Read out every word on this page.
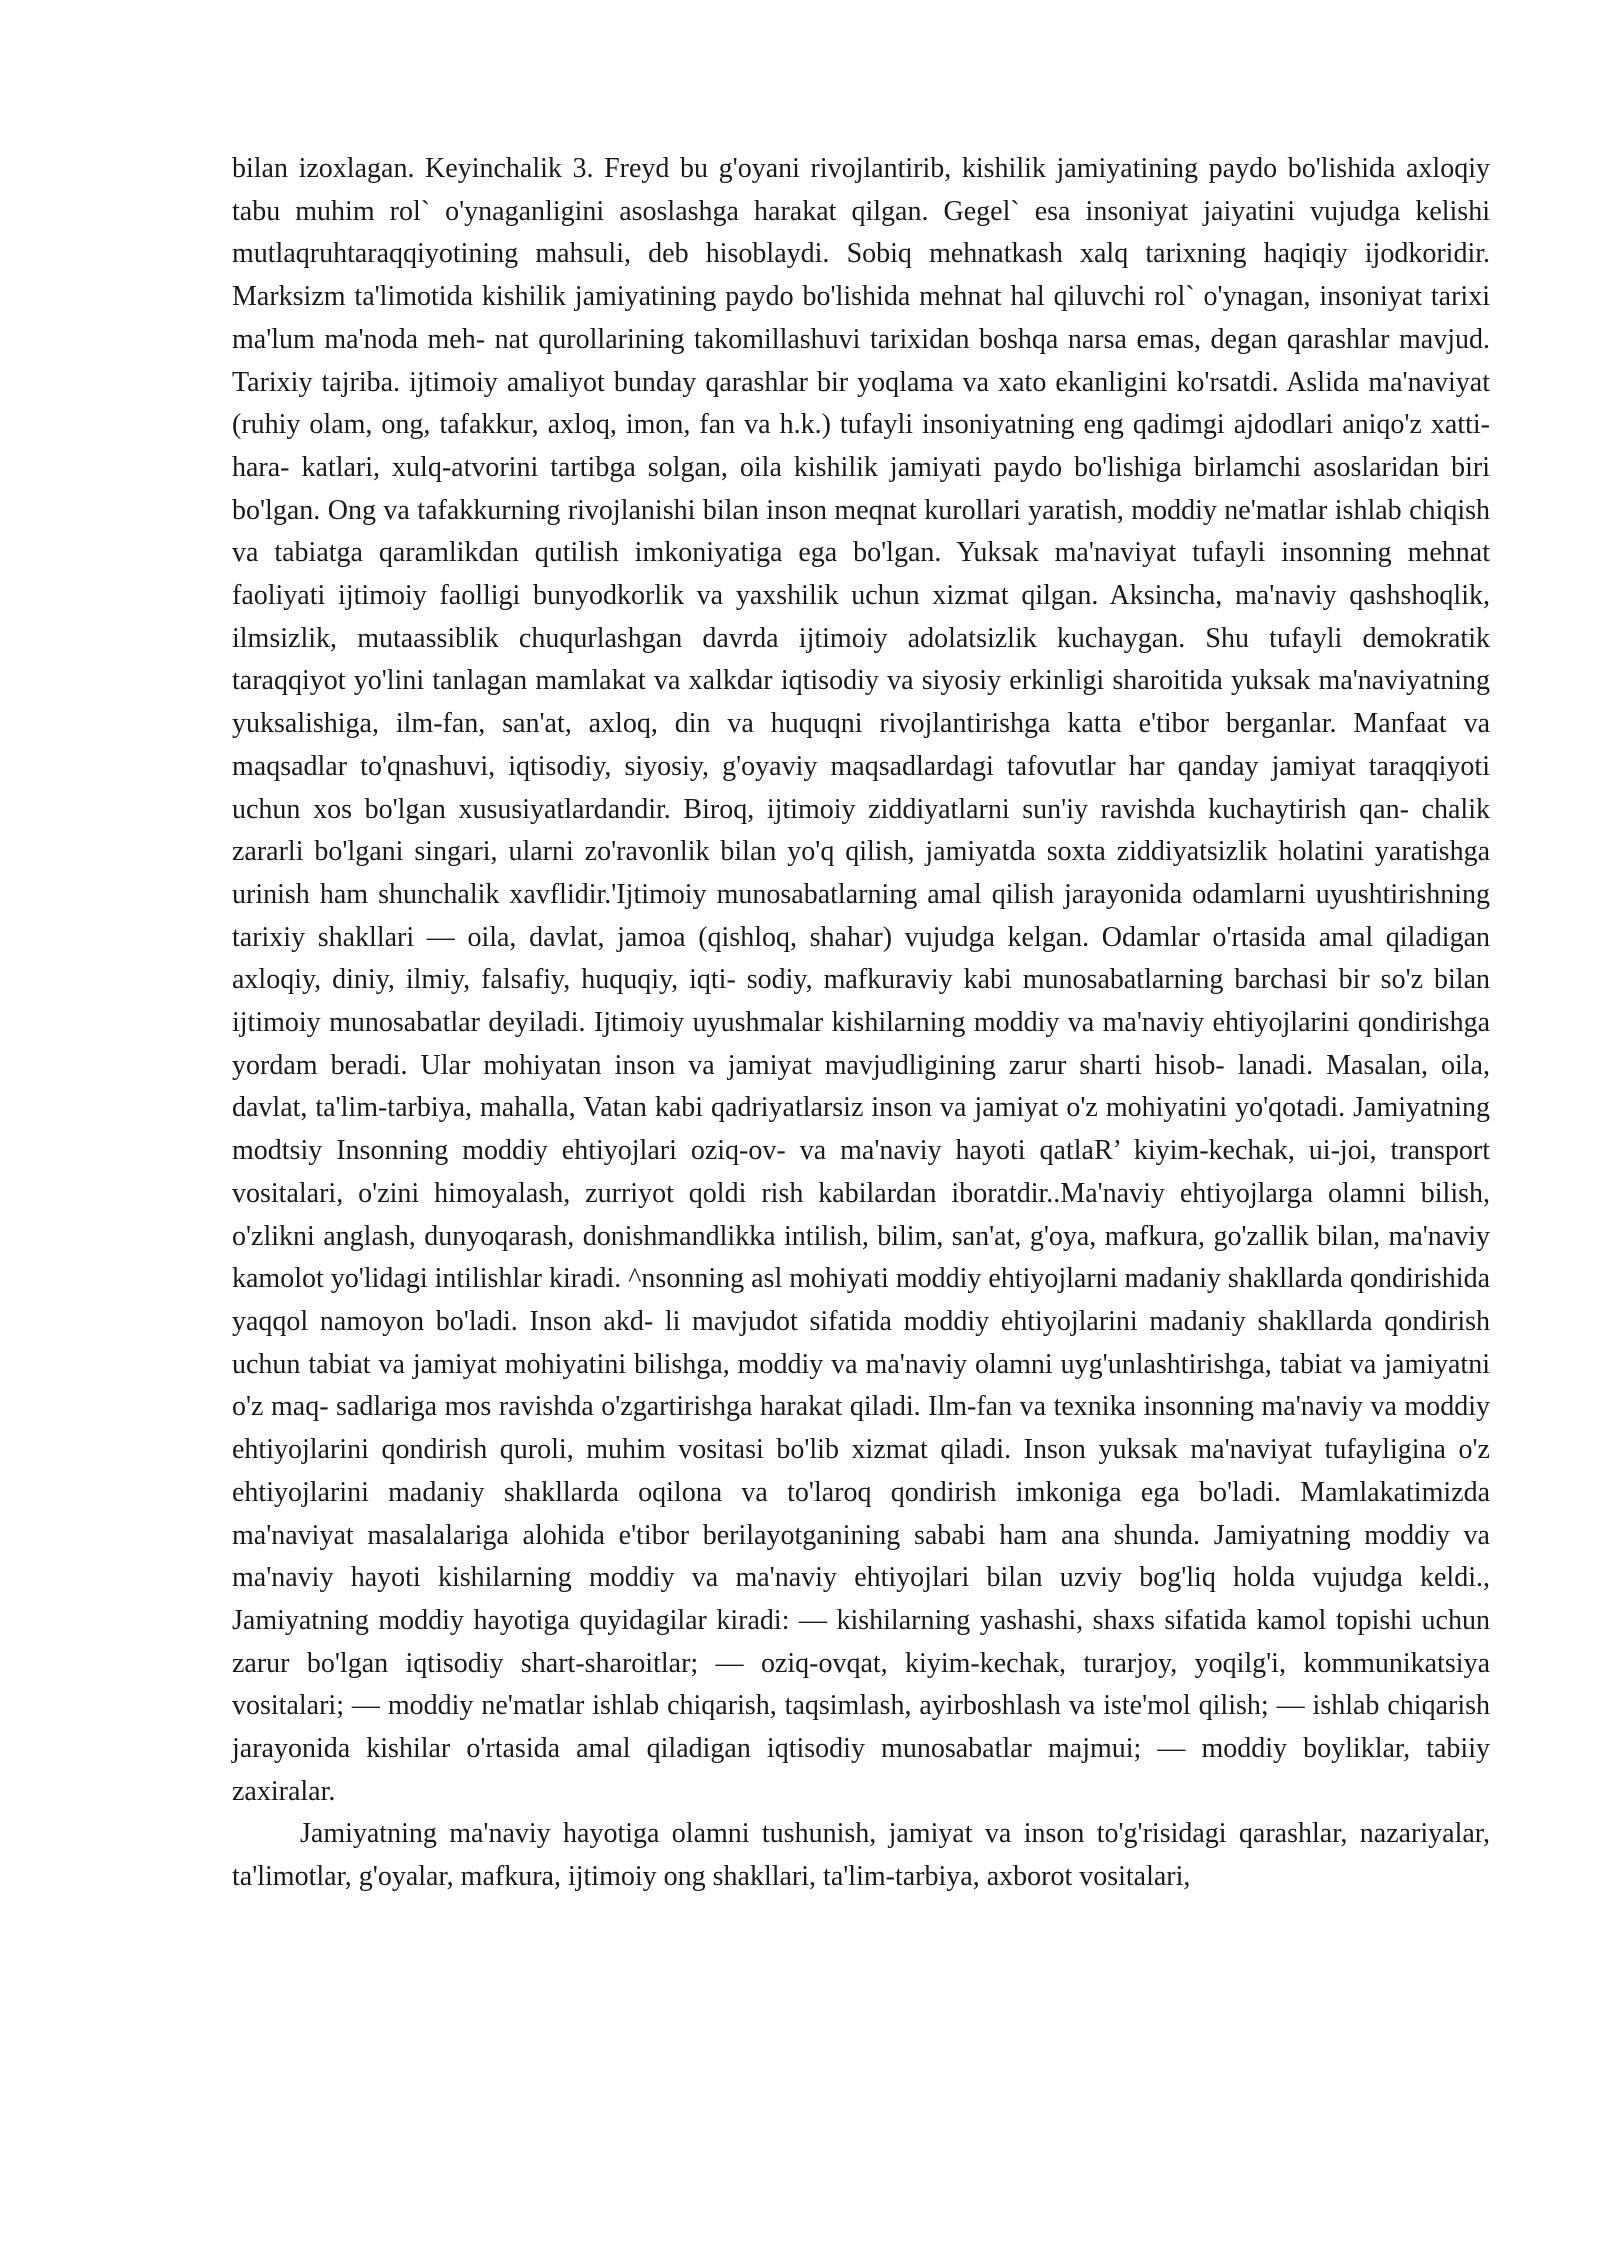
bilan izoxlagan. Keyinchalik 3. Freyd bu g'oyani rivojlantirib, kishilik jamiyatining paydo bo'lishida axloqiy tabu muhim rol` o'ynaganligini asoslashga harakat qilgan. Gegel` esa insoniyat jaiyatini vujudga kelishi mutlaqruhtaraqqiyotining mahsuli, deb hisoblaydi. Sobiq mehnatkash xalq tarixning haqiqiy ijodkoridir. Marksizm ta'limotida kishilik jamiyatining paydo bo'lishida mehnat hal qiluvchi rol` o'ynagan, insoniyat tarixi ma'lum ma'noda meh- nat qurollarining takomillashuvi tarixidan boshqa narsa emas, degan qarashlar mavjud. Tarixiy tajriba. ijtimoiy amaliyot bunday qarashlar bir yoqlama va xato ekanligini ko'rsatdi. Aslida ma'naviyat (ruhiy olam, ong, tafakkur, axloq, imon, fan va h.k.) tufayli insoniyatning eng qadimgi ajdodlari aniqo'z xatti-hara- katlari, xulq-atvorini tartibga solgan, oila kishilik jamiyati paydo bo'lishiga birlamchi asoslaridan biri bo'lgan. Ong va tafakkurning rivojlanishi bilan inson meqnat kurollari yaratish, moddiy ne'matlar ishlab chiqish va tabiatga qaramlikdan qutilish imkoniyatiga ega bo'lgan. Yuksak ma'naviyat tufayli insonning mehnat faoliyati ijtimoiy faolligi bunyodkorlik va yaxshilik uchun xizmat qilgan. Aksincha, ma'naviy qashshoqlik, ilmsizlik, mutaassiblik chuqurlashgan davrda ijtimoiy adolatsizlik kuchaygan. Shu tufayli demokratik taraqqiyot yo'lini tanlagan mamlakat va xalkdar iqtisodiy va siyosiy erkinligi sharoitida yuksak ma'naviyatning yuksalishiga, ilm-fan, san'at, axloq, din va huquqni rivojlantirishga katta e'tibor berganlar. Manfaat va maqsadlar to'qnashuvi, iqtisodiy, siyosiy, g'oyaviy maqsadlardagi tafovutlar har qanday jamiyat taraqqiyoti uchun xos bo'lgan xususiyatlardandir. Biroq, ijtimoiy ziddiyatlarni sun'iy ravishda kuchaytirish qan- chalik zararli bo'lgani singari, ularni zo'ravonlik bilan yo'q qilish, jamiyatda soxta ziddiyatsizlik holatini yaratishga urinish ham shunchalik xavflidir.'Ijtimoiy munosabatlarning amal qilish jarayonida odamlarni uyushtirishning tarixiy shakllari — oila, davlat, jamoa (qishloq, shahar) vujudga kelgan. Odamlar o'rtasida amal qiladigan axloqiy, diniy, ilmiy, falsafiy, huquqiy, iqti- sodiy, mafkuraviy kabi munosabatlarning barchasi bir so'z bilan ijtimoiy munosabatlar deyiladi. Ijtimoiy uyushmalar kishilarning moddiy va ma'naviy ehtiyojlarini qondirishga yordam beradi. Ular mohiyatan inson va jamiyat mavjudligining zarur sharti hisob- lanadi. Masalan, oila, davlat, ta'lim-tarbiya, mahalla, Vatan kabi qadriyatlarsiz inson va jamiyat o'z mohiyatini yo'qotadi. Jamiyatning modtsiy Insonning moddiy ehtiyojlari oziq-ov- va ma'naviy hayoti qatlaR’ kiyim-kechak, ui-joi, transport vositalari, o'zini himoyalash, zurriyot qoldi rish kabilardan iboratdir..Ma'naviy ehtiyojlarga olamni bilish, o'zlikni anglash, dunyoqarash, donishmandlikka intilish, bilim, san'at, g'oya, mafkura, go'zallik bilan, ma'naviy kamolot yo'lidagi intilishlar kiradi. ^nsonning asl mohiyati moddiy ehtiyojlarni madaniy shakllarda qondirishida yaqqol namoyon bo'ladi. Inson akd- li mavjudot sifatida moddiy ehtiyojlarini madaniy shakllarda qondirish uchun tabiat va jamiyat mohiyatini bilishga, moddiy va ma'naviy olamni uyg'unlashtirishga, tabiat va jamiyatni o'z maq- sadlariga mos ravishda o'zgartirishga harakat qiladi. Ilm-fan va texnika insonning ma'naviy va moddiy ehtiyojlarini qondirish quroli, muhim vositasi bo'lib xizmat qiladi. Inson yuksak ma'naviyat tufayligina o'z ehtiyojlarini madaniy shakllarda oqilona va to'laroq qondirish imkoniga ega bo'ladi. Mamlakatimizda ma'naviyat masalalariga alohida e'tibor berilayotganining sababi ham ana shunda. Jamiyatning moddiy va ma'naviy hayoti kishilarning moddiy va ma'naviy ehtiyojlari bilan uzviy bog'liq holda vujudga keldi., Jamiyatning moddiy hayotiga quyidagilar kiradi: — kishilarning yashashi, shaxs sifatida kamol topishi uchun zarur bo'lgan iqtisodiy shart-sharoitlar; — oziq-ovqat, kiyim-kechak, turarjoy, yoqilg'i, kommunikatsiya vositalari; — moddiy ne'matlar ishlab chiqarish, taqsimlash, ayirboshlash va iste'mol qilish; — ishlab chiqarish jarayonida kishilar o'rtasida amal qiladigan iqtisodiy munosabatlar majmui; — moddiy boyliklar, tabiiy zaxiralar.

Jamiyatning ma'naviy hayotiga olamni tushunish, jamiyat va inson to'g'risidagi qarashlar, nazariyalar, ta'limotlar, g'oyalar, mafkura, ijtimoiy ong shakllari, ta'lim-tarbiya, axborot vositalari,
